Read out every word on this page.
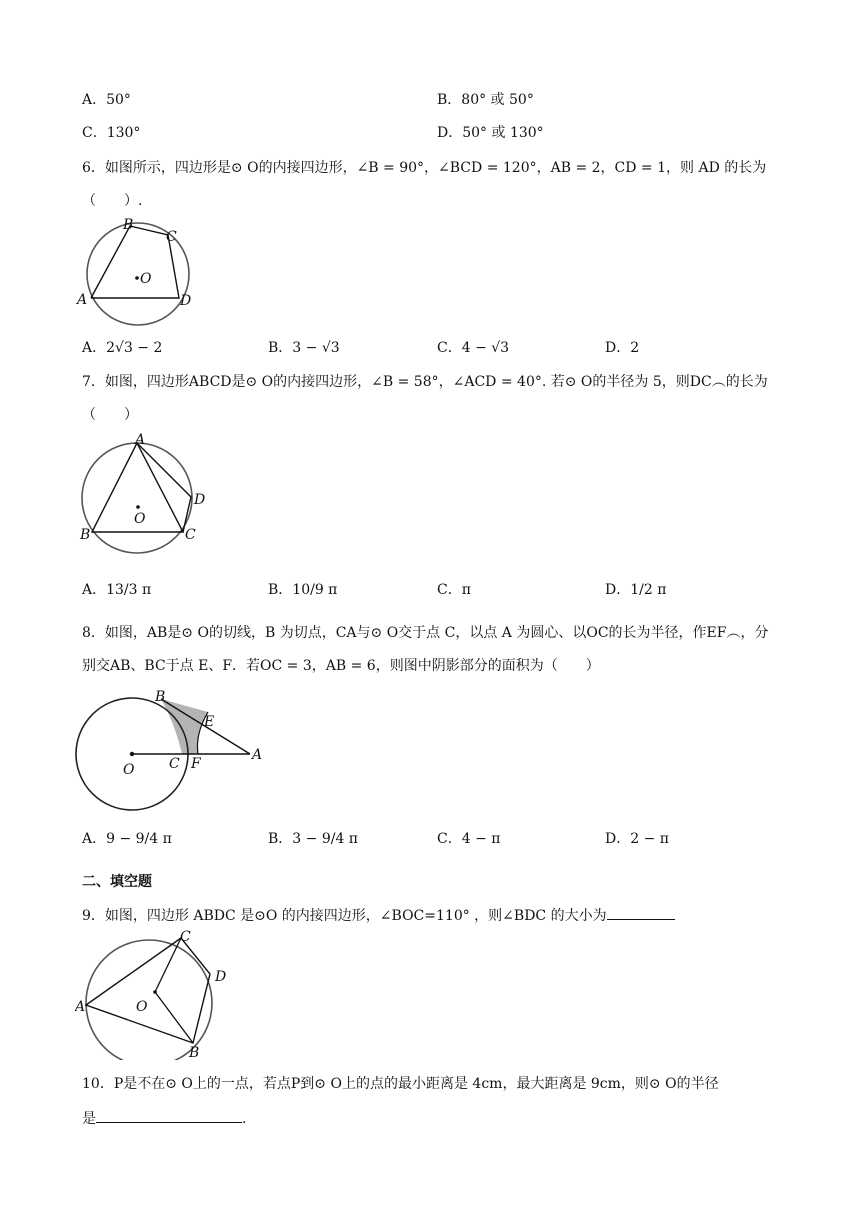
A．50°	B．80° 或 50°
C．130°	D．50° 或 130°
6．如图所示，四边形是⊙ O的内接四边形，∠B = 90°，∠BCD = 120°，AB = 2，CD = 1，则 AD 的长为
（　　）.
A
B
C
D
O
A．2√3 − 2	B．3 − √3	C．4 − √3	D．2
7．如图，四边形ABCD是⊙ O的内接四边形，∠B = 58°，∠ACD = 40°. 若⊙ O的半径为 5，则DC︵的长为
（　　）
A
B	C
D
O
A．13/3 π	B．10/9 π	C．π	D．1/2 π
8．如图，AB是⊙ O的切线，B 为切点，CA与⊙ O交于点 C，以点 A 为圆心、以OC的长为半径，作EF︵，分
别交AB、BC于点 E、F．若OC = 3，AB = 6，则图中阴影部分的面积为（　　）
B
E
O C F
A
A．9 − 9/4 π	B．3 − 9/4 π	C．4 − π	D．2 − π
二、填空题
9．如图，四边形 ABDC 是⊙O 的内接四边形，∠BOC=110° ，则∠BDC 的大小为
A
C
D
O
B
10．P是不在⊙ O上的一点，若点P到⊙ O上的点的最小距离是 4cm，最大距离是 9cm，则⊙ O的半径
是	.
